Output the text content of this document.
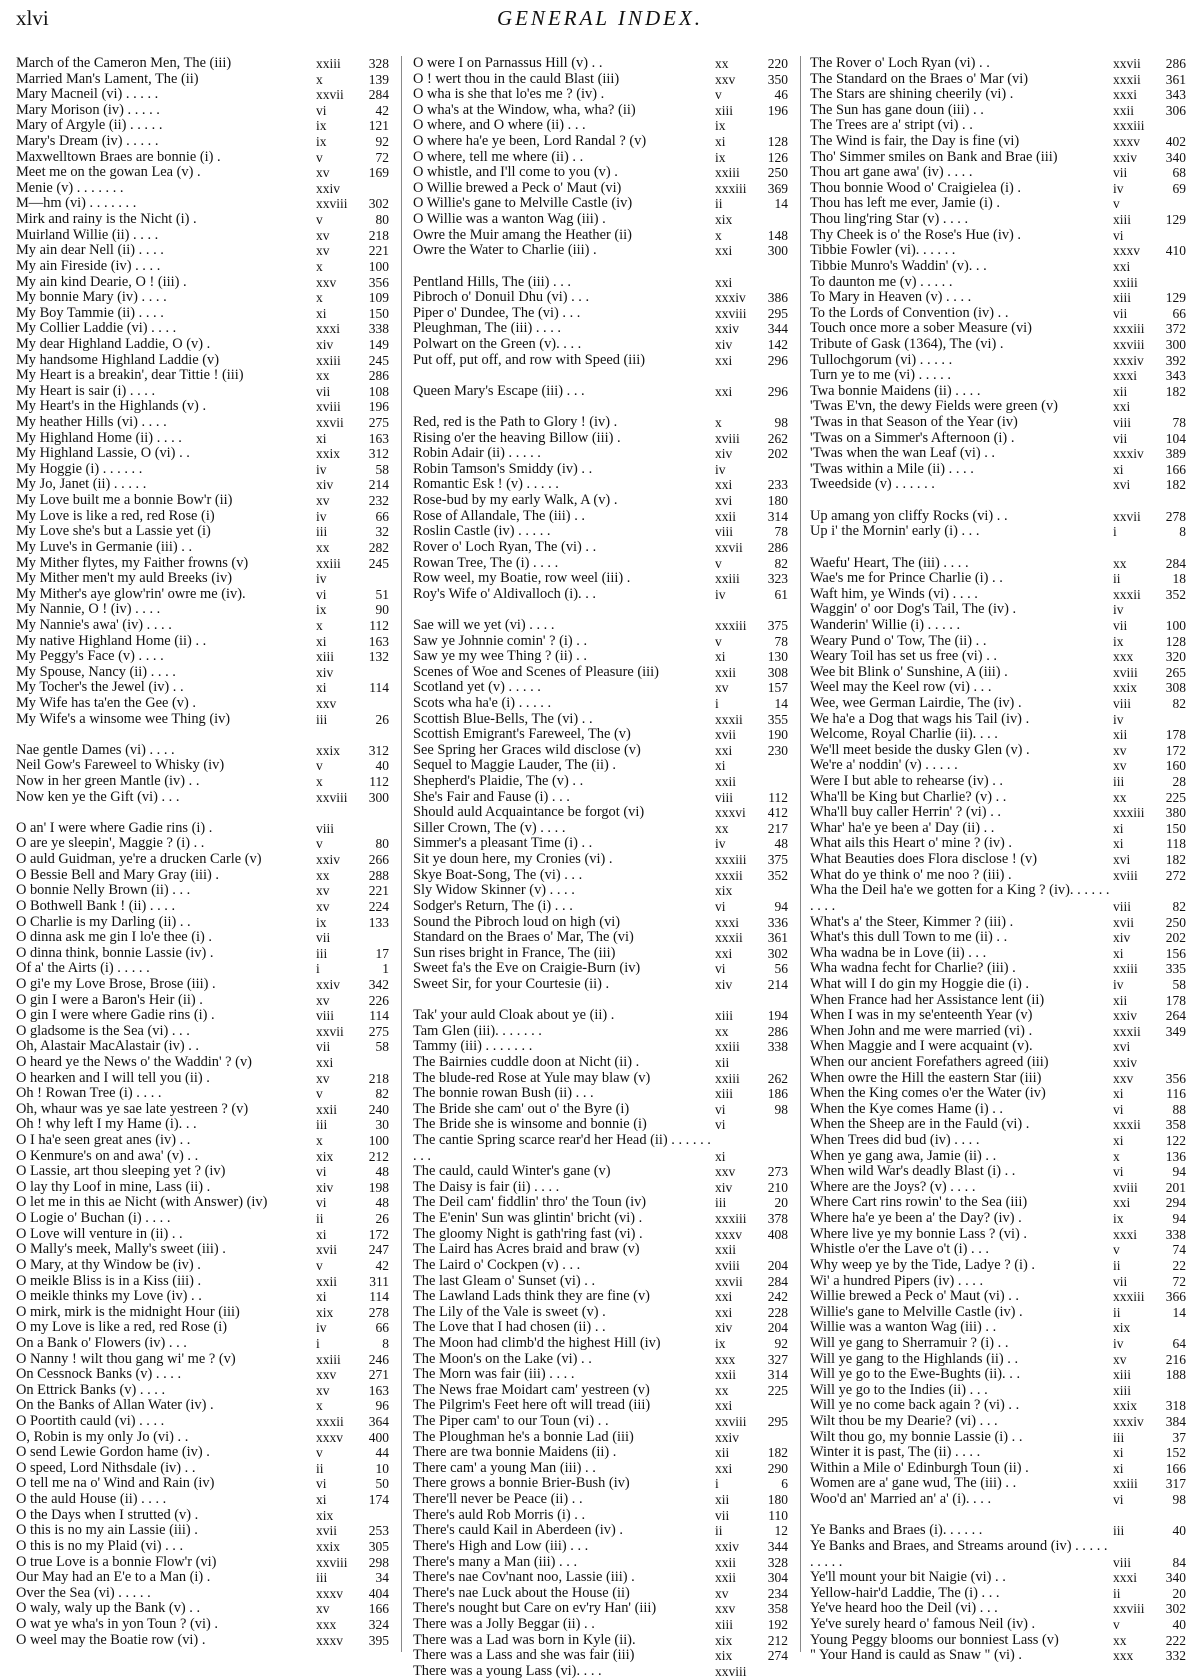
xlvi	GENERAL INDEX.
March of the Cameron Men, The (iii)	xxiii 328
Married Man's Lament, The (ii)	x	139
Mary Macneil (vi) . . . . .	xxvii 284
Mary Morison (iv) . . . . .	vi	42
Mary of Argyle (ii) . . . . .	ix	121
Mary's Dream (iv) . . . . .	ix	92
Maxwelltown Braes are bonnie (i) .	v	72
Meet me on the gowan Lea (v) .	xv	169
Menie (v) . . . . . . .	xxiv
M—hm (vi) . . . . . . .	xxviii 302
Mirk and rainy is the Nicht (i) .	v	80
Muirland Willie (ii) . . . .	xv	218
My ain dear Nell (ii) . . . .	xv	221
My ain Fireside (iv) . . . .	x	100
My ain kind Dearie, O ! (iii) .	xxv 356
My bonnie Mary (iv) . . . .	x	109
My Boy Tammie (ii) . . . .	xi	150
My Collier Laddie (vi) . . . .	xxxi 338
My dear Highland Laddie, O (v) .	xiv	149
My handsome Highland Laddie (v)	xxiii 245
My Heart is a breakin', dear Tittie ! (iii)	xx	286
My Heart is sair (i) . . . .	vii	108
My Heart's in the Highlands (v) .	xviii 196
My heather Hills (vi) . . . .	xxvii 275
My Highland Home (ii) . . . .	xi	163
My Highland Lassie, O (vi) . .	xxix 312
My Hoggie (i) . . . . . .	iv	58
My Jo, Janet (ii) . . . . .	xiv	214
My Love built me a bonnie Bow'r (ii)	xv	232
My Love is like a red, red Rose (i)	iv	66
My Love she's but a Lassie yet (i)	iii	32
My Luve's in Germanie (iii) . .	xx	282
My Mither flytes, my Faither frowns (v)	xxiii 245
My Mither men't my auld Breeks (iv)	iv
My Mither's aye glow'rin' owre me (iv).	vi	51
My Nannie, O ! (iv) . . . .	ix	90
My Nannie's awa' (iv) . . . .	x	112
My native Highland Home (ii) . .	xi	163
My Peggy's Face (v) . . . .	xiii	132
My Spouse, Nancy (ii) . . . .	xiv
My Tocher's the Jewel (iv) . .	xi	114
My Wife has ta'en the Gee (v) .	xxv
My Wife's a winsome wee Thing (iv)	iii	26
Nae gentle Dames (vi) . . . .	xxix 312
Neil Gow's Fareweel to Whisky (iv)	v	40
Now in her green Mantle (iv) . .	x	112
Now ken ye the Gift (vi) . . .	xxviii 300
O an' I were where Gadie rins (i) .	viii
O are ye sleepin', Maggie ? (i) . .	v	80
O auld Guidman, ye're a drucken Carle (v)	xxiv 266
O Bessie Bell and Mary Gray (iii) .	xx	288
O bonnie Nelly Brown (ii) . . .	xv	221
O Bothwell Bank ! (ii) . . . .	xv	224
O Charlie is my Darling (ii) . .	ix	133
O dinna ask me gin I lo'e thee (i) .	vii
O dinna think, bonnie Lassie (iv) .	iii	17
Of a' the Airts (i) . . . . .	i	1
O gi'e my Love Brose, Brose (iii) .	xxiv 342
O gin I were a Baron's Heir (ii) .	xv	226
O gin I were where Gadie rins (i) .	viii	114
O gladsome is the Sea (vi) . . .	xxvii 275
Oh, Alastair MacAlastair (iv) . .	vii	58
O heard ye the News o' the Waddin' ? (v)	xxi
O hearken and I will tell you (ii) .	xv	218
Oh ! Rowan Tree (i) . . . .	v	82
Oh, whaur was ye sae late yestreen ? (v)	xxii 240
Oh ! why left I my Hame (i). . .	iii	30
O I ha'e seen great anes (iv) . .	x	100
O Kenmure's on and awa' (v) . .	xix	212
O Lassie, art thou sleeping yet ? (iv)	vi	48
O lay thy Loof in mine, Lass (ii) .	xiv	198
O let me in this ae Nicht (with Answer) (iv)	vi	48
O Logie o' Buchan (i) . . . .	ii	26
O Love will venture in (ii) . .	xi	172
O Mally's meek, Mally's sweet (iii) .	xvii 247
O Mary, at thy Window be (iv) .	v	42
O meikle Bliss is in a Kiss (iii) .	xxii 311
O meikle thinks my Love (iv) . .	xi	114
O mirk, mirk is the midnight Hour (iii)	xix	278
O my Love is like a red, red Rose (i)	iv	66
On a Bank o' Flowers (iv) . . .	i	8
O Nanny ! wilt thou gang wi' me ? (v)	xxiii 246
On Cessnock Banks (v) . . . .	xxv 271
On Ettrick Banks (v) . . . .	xv	163
On the Banks of Allan Water (iv) .	x	96
O Poortith cauld (vi) . . . .	xxxii 364
O, Robin is my only Jo (vi) . .	xxxv 400
O send Lewie Gordon hame (iv) .	v	44
O speed, Lord Nithsdale (iv) . .	ii	10
O tell me na o' Wind and Rain (iv)	vi	50
O the auld House (ii) . . . .	xi	174
O the Days when I strutted (v) .	xix
O this is no my ain Lassie (iii) .	xvii 253
O this is no my Plaid (vi) . . .	xxix 305
O true Love is a bonnie Flow'r (vi)	xxviii 298
Our May had an E'e to a Man (i) .	iii	34
Over the Sea (vi) . . . . .	xxxv 404
O waly, waly up the Bank (v) . .	xv	166
O wat ye wha's in yon Toun ? (vi) .	xxx 324
O weel may the Boatie row (vi) .	xxxv 395
O were I on Parnassus Hill (v) . .	xx	220
O ! wert thou in the cauld Blast (iii)	xxv 350
O wha is she that lo'es me ? (iv) .	v	46
O wha's at the Window, wha, wha? (ii)	xiii	196
O where, and O where (ii) . . .	ix
O where ha'e ye been, Lord Randal ? (v)	xi	128
O where, tell me where (ii) . .	ix	126
O whistle, and I'll come to you (v) .	xxiii 250
O Willie brewed a Peck o' Maut (vi)	xxxiii 369
O Willie's gane to Melville Castle (iv)	ii	14
O Willie was a wanton Wag (iii) .	xix
Owre the Muir amang the Heather (ii)	x	148
Owre the Water to Charlie (iii) .	xxi	300
Pentland Hills, The (iii) . . .	xxi
Pibroch o' Donuil Dhu (vi) . . .	xxxiv 386
Piper o' Dundee, The (vi) . . .	xxviii 295
Pleughman, The (iii) . . . .	xxiv 344
Polwart on the Green (v). . . .	xiv	142
Put off, put off, and row with Speed (iii)	xxi	296
Queen Mary's Escape (iii) . . .	xxi	296
Red, red is the Path to Glory ! (iv) .	x	98
Rising o'er the heaving Billow (iii) .	xviii 262
Robin Adair (ii) . . . . .	xiv	202
Robin Tamson's Smiddy (iv) . .	iv
Romantic Esk ! (v) . . . . .	xxi	233
Rose-bud by my early Walk, A (v) .	xvi	180
Rose of Allandale, The (iii) . .	xxii 314
Roslin Castle (iv) . . . . .	viii	78
Rover o' Loch Ryan, The (vi) . .	xxvii 286
Rowan Tree, The (i) . . . .	v	82
Row weel, my Boatie, row weel (iii) .	xxiii 323
Roy's Wife o' Aldivalloch (i). . .	iv	61
Sae will we yet (vi) . . . .	xxxiii 375
Saw ye Johnnie comin' ? (i) . .	v	78
Saw ye my wee Thing ? (ii) . .	xi	130
Scenes of Woe and Scenes of Pleasure (iii)	xxii 308
Scotland yet (v) . . . . .	xv	157
Scots wha ha'e (i) . . . . .	i	14
Scottish Blue-Bells, The (vi) . .	xxxii 355
Scottish Emigrant's Fareweel, The (v)	xvii 190
See Spring her Graces wild disclose (v)	xxi	230
Sequel to Maggie Lauder, The (ii) .	xi
Shepherd's Plaidie, The (v) . .	xxii
She's Fair and Fause (i) . . .	viii	112
Should auld Acquaintance be forgot (vi)	xxxvi 412
Siller Crown, The (v) . . . .	xx	217
Simmer's a pleasant Time (i) . .	iv	48
Sit ye doun here, my Cronies (vi) .	xxxiii 375
Skye Boat-Song, The (vi) . . .	xxxii 352
Sly Widow Skinner (v) . . . .	xix
Sodger's Return, The (i) . . .	vi	94
Sound the Pibroch loud on high (vi)	xxxi 336
Standard on the Braes o' Mar, The (vi)	xxxii 361
Sun rises bright in France, The (iii)	xxi	302
Sweet fa's the Eve on Craigie-Burn (iv)	vi	56
Sweet Sir, for your Courtesie (ii) .	xiv	214
Tak' your auld Cloak about ye (ii) .	xiii	194
Tam Glen (iii). . . . . . .	xx	286
Tammy (iii) . . . . . . .	xxiii 338
The Bairnies cuddle doon at Nicht (ii) .	xii
The blude-red Rose at Yule may blaw (v)	xxiii 262
The bonnie rowan Bush (ii) . . .	xiii	186
The Bride she cam' out o' the Byre (i)	vi	98
The Bride she is winsome and bonnie (i)	vi
The cantie Spring scarce rear'd her Head (ii) . . . . . . . . .	xi
The cauld, cauld Winter's gane (v)	xxv 273
The Daisy is fair (ii) . . . .	xiv	210
The Deil cam' fiddlin' thro' the Toun (iv)	iii	20
The E'enin' Sun was glintin' bricht (vi) .	xxxiii 378
The gloomy Night is gath'ring fast (vi) .	xxxv 408
The Laird has Acres braid and braw (v)	xxii
The Laird o' Cockpen (v) . . .	xviii 204
The last Gleam o' Sunset (vi) . .	xxvii 284
The Lawland Lads think they are fine (v)	xxi	242
The Lily of the Vale is sweet (v) .	xxi	228
The Love that I had chosen (ii) . .	xiv	204
The Moon had climb'd the highest Hill (iv)	ix	92
The Moon's on the Lake (vi) . .	xxx 327
The Morn was fair (iii) . . . .	xxii 314
The News frae Moidart cam' yestreen (v)	xx	225
The Pilgrim's Feet here oft will tread (iii)	xxi
The Piper cam' to our Toun (vi) . .	xxviii 295
The Ploughman he's a bonnie Lad (iii)	xxiv
There are twa bonnie Maidens (ii) .	xii	182
There cam' a young Man (iii) . .	xxi	290
There grows a bonnie Brier-Bush (iv)	i	6
There'll never be Peace (ii) . .	xii	180
There's auld Rob Morris (i) . .	vii	110
There's cauld Kail in Aberdeen (iv) .	ii	12
There's High and Low (iii) . . .	xxiv 344
There's many a Man (iii) . . .	xxii 328
There's nae Cov'nant noo, Lassie (iii) .	xxii 304
There's nae Luck about the House (ii)	xv	234
There's nought but Care on ev'ry Han' (iii)	xxv 358
There was a Jolly Beggar (ii) . .	xiii	192
There was a Lad was born in Kyle (ii).	xix	212
There was a Lass and she was fair (iii)	xix	274
There was a young Lass (vi). . . .	xxviii
The Rover o' Loch Ryan (vi) . .	xxvii 286
The Standard on the Braes o' Mar (vi)	xxxii 361
The Stars are shining cheerily (vi) .	xxxi 343
The Sun has gane doun (iii) . .	xxii 306
The Trees are a' stript (vi) . .	xxxiii
The Wind is fair, the Day is fine (vi)	xxxv 402
Tho' Simmer smiles on Bank and Brae (iii)	xxiv 340
Thou art gane awa' (iv) . . . .	vii	68
Thou bonnie Wood o' Craigielea (i) .	iv	69
Thou has left me ever, Jamie (i) .	v
Thou ling'ring Star (v) . . . .	xiii	129
Thy Cheek is o' the Rose's Hue (iv) .	vi
Tibbie Fowler (vi). . . . . .	xxxv 410
Tibbie Munro's Waddin' (v). . .	xxi
To daunton me (v) . . . . .	xxiii
To Mary in Heaven (v) . . . .	xiii	129
To the Lords of Convention (iv) . .	vii	66
Touch once more a sober Measure (vi)	xxxiii 372
Tribute of Gask (1364), The (vi) .	xxviii 300
Tullochgorum (vi) . . . . .	xxxiv 392
Turn ye to me (vi) . . . . .	xxxi 343
Twa bonnie Maidens (ii) . . . .	xii	182
'Twas E'vn, the dewy Fields were green (v)	xxi
'Twas in that Season of the Year (iv)	viii	78
'Twas on a Simmer's Afternoon (i) .	vii	104
'Twas when the wan Leaf (vi) . .	xxxiv 389
'Twas within a Mile (ii) . . . .	xi	166
Tweedside (v) . . . . . .	xvi	182
Up amang yon cliffy Rocks (vi) . .	xxvii 278
Up i' the Mornin' early (i) . . .	i	8
Waefu' Heart, The (iii) . . . .	xx	284
Wae's me for Prince Charlie (i) . .	ii	18
Waft him, ye Winds (vi) . . . .	xxxii 352
Waggin' o' oor Dog's Tail, The (iv) .	iv
Wanderin' Willie (i) . . . . .	vii	100
Weary Pund o' Tow, The (ii) . .	ix	128
Weary Toil has set us free (vi) . .	xxx 320
Wee bit Blink o' Sunshine, A (iii) .	xviii 265
Weel may the Keel row (vi) . . .	xxix 308
Wee, wee German Lairdie, The (iv) .	viii	82
We ha'e a Dog that wags his Tail (iv) .	iv
Welcome, Royal Charlie (ii). . . .	xii	178
We'll meet beside the dusky Glen (v) .	xv	172
We're a' noddin' (v) . . . . .	xv	160
Were I but able to rehearse (iv) . .	iii	28
Wha'll be King but Charlie? (v) . .	xx	225
Wha'll buy caller Herrin' ? (vi) . .	xxxiii 380
Whar' ha'e ye been a' Day (ii) . .	xi	150
What ails this Heart o' mine ? (iv) .	xi	118
What Beauties does Flora disclose ! (v)	xvi	182
What do ye think o' me noo ? (iii) .	xviii 272
Wha the Deil ha'e we gotten for a King ? (iv). . . . . . . . . .	viii	82
What's a' the Steer, Kimmer ? (iii) .	xvii 250
What's this dull Town to me (ii) . .	xiv	202
Wha wadna be in Love (ii) . . .	xi	156
Wha wadna fecht for Charlie? (iii) .	xxiii 335
What will I do gin my Hoggie die (i) .	iv	58
When France had her Assistance lent (ii)	xii	178
When I was in my se'enteenth Year (v)	xxiv 264
When John and me were married (vi) .	xxxii 349
When Maggie and I were acquaint (v).	xvi
When our ancient Forefathers agreed (iii)	xxiv
When owre the Hill the eastern Star (iii)	xxv 356
When the King comes o'er the Water (iv)	xi	116
When the Kye comes Hame (i) . .	vi	88
When the Sheep are in the Fauld (vi) .	xxxii 358
When Trees did bud (iv) . . . .	xi	122
When ye gang awa, Jamie (ii) . .	x	136
When wild War's deadly Blast (i) . .	vi	94
Where are the Joys? (v) . . . .	xviii 201
Where Cart rins rowin' to the Sea (iii)	xxi	294
Where ha'e ye been a' the Day? (iv) .	ix	94
Where live ye my bonnie Lass ? (vi) .	xxxi 338
Whistle o'er the Lave o't (i) . . .	v	74
Why weep ye by the Tide, Ladye ? (i) .	ii	22
Wi' a hundred Pipers (iv) . . . .	vii	72
Willie brewed a Peck o' Maut (vi) . .	xxxiii 366
Willie's gane to Melville Castle (iv) .	ii	14
Willie was a wanton Wag (iii) . .	xix
Will ye gang to Sherramuir ? (i) . .	iv	64
Will ye gang to the Highlands (ii) . .	xv	216
Will ye go to the Ewe-Bughts (ii). . .	xiii	188
Will ye go to the Indies (ii) . . .	xiii
Will ye no come back again ? (vi) . .	xxix 318
Wilt thou be my Dearie? (vi) . . .	xxxiv 384
Wilt thou go, my bonnie Lassie (i) . .	iii	37
Winter it is past, The (ii) . . . .	xi	152
Within a Mile o' Edinburgh Toun (ii) .	xi	166
Women are a' gane wud, The (iii) . .	xxiii 317
Woo'd an' Married an' a' (i). . . .	vi	98
Ye Banks and Braes (i). . . . . .	iii	40
Ye Banks and Braes, and Streams around (iv) . . . . . . . . . .	viii	84
Ye'll mount your bit Naigie (vi) . .	xxxi 340
Yellow-hair'd Laddie, The (i) . . .	ii	20
Ye've heard hoo the Deil (vi) . . .	xxviii 302
Ye've surely heard o' famous Neil (iv) .	v	40
Young Peggy blooms our bonniest Lass (v)	xx	222
" Your Hand is cauld as Snaw " (vi) .	xxx 332
